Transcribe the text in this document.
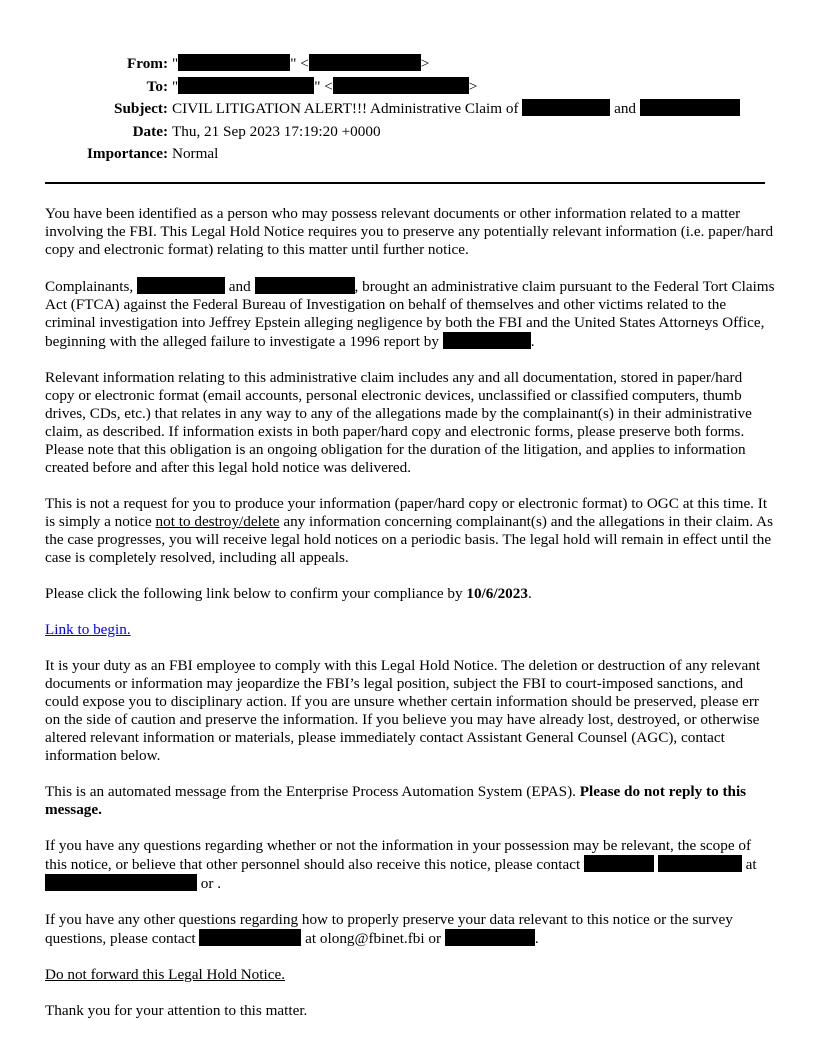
From: "	" <	>
To: "	" <	>
Subject: CIVIL LITIGATION ALERT!!! Administrative Claim of	and
Date: Thu, 21 Sep 2023 17:19:20 +0000
Importance: Normal

You have been identified as a person who may possess relevant documents or other information related to a matter involving the FBI. This Legal Hold Notice requires you to preserve any potentially relevant information (i.e. paper/hard copy and electronic format) relating to this matter until further notice.

Complainants,	and	, brought an administrative claim pursuant to the Federal Tort Claims Act (FTCA) against the Federal Bureau of Investigation on behalf of themselves and other victims related to the criminal investigation into Jeffrey Epstein alleging negligence by both the FBI and the United States Attorneys Office, beginning with the alleged failure to investigate a 1996 report by	.

Relevant information relating to this administrative claim includes any and all documentation, stored in paper/hard copy or electronic format (email accounts, personal electronic devices, unclassified or classified computers, thumb drives, CDs, etc.) that relates in any way to any of the allegations made by the complainant(s) in their administrative claim, as described. If information exists in both paper/hard copy and electronic forms, please preserve both forms. Please note that this obligation is an ongoing obligation for the duration of the litigation, and applies to information created before and after this legal hold notice was delivered.

This is not a request for you to produce your information (paper/hard copy or electronic format) to OGC at this time. It is simply a notice not to destroy/delete any information concerning complainant(s) and the allegations in their claim. As the case progresses, you will receive legal hold notices on a periodic basis. The legal hold will remain in effect until the case is completely resolved, including all appeals.

Please click the following link below to confirm your compliance by 10/6/2023.

Link to begin.

It is your duty as an FBI employee to comply with this Legal Hold Notice. The deletion or destruction of any relevant documents or information may jeopardize the FBI’s legal position, subject the FBI to court-imposed sanctions, and could expose you to disciplinary action. If you are unsure whether certain information should be preserved, please err on the side of caution and preserve the information. If you believe you may have already lost, destroyed, or otherwise altered relevant information or materials, please immediately contact Assistant General Counsel (AGC), contact information below.

This is an automated message from the Enterprise Process Automation System (EPAS). Please do not reply to this message.

If you have any questions regarding whether or not the information in your possession may be relevant, the scope of this notice, or believe that other personnel should also receive this notice, please contact	at  or .

If you have any other questions regarding how to properly preserve your data relevant to this notice or the survey questions, please contact	at olong@fbinet.fbi or	.

Do not forward this Legal Hold Notice.

Thank you for your attention to this matter.
